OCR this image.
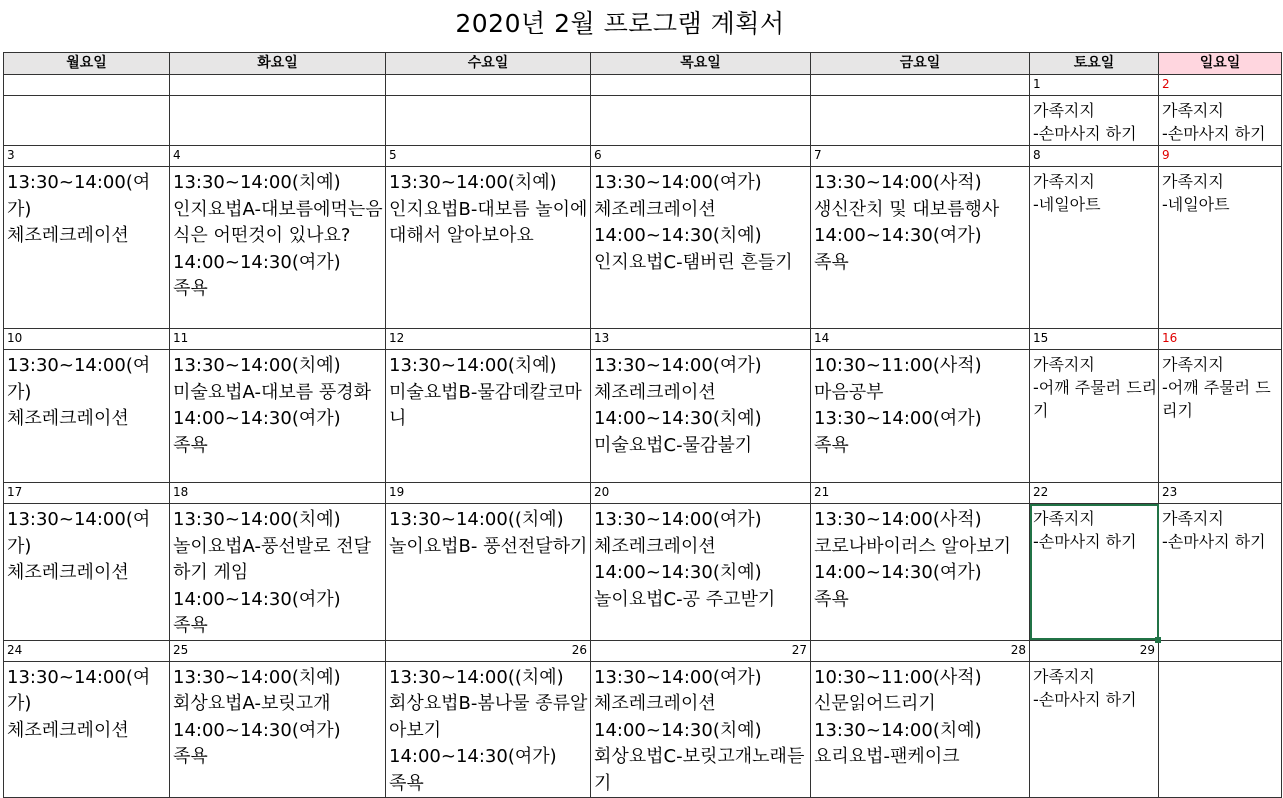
2020년 2월 프로그램 계획서
월요일	화요일	수요일	목요일	금요일	토요일	일요일
					1	2

					가족지지
-손마사지 하기	가족지지
-손마사지 하기

3	4	5	6	7	8	9

13:30~14:00(여가)
체조레크레이션	13:30~14:00(치예)
인지요법A-대보름에먹는음식은 어떤것이 있나요?
14:00~14:30(여가)
족욕	13:30~14:00(치예)
인지요법B-대보름 놀이에 대해서 알아보아요	13:30~14:00(여가)
체조레크레이션
14:00~14:30(치예)
인지요법C-탬버린 흔들기	13:30~14:00(사적)
생신잔치 및 대보름행사
14:00~14:30(여가)
족욕	가족지지
-네일아트	가족지지
-네일아트

10	11	12	13	14	15	16

13:30~14:00(여가)
체조레크레이션	13:30~14:00(치예)
미술요법A-대보름 풍경화
14:00~14:30(여가)
족욕	13:30~14:00(치예)
미술요법B-물감데칼코마니	13:30~14:00(여가)
체조레크레이션
14:00~14:30(치예)
미술요법C-물감불기	10:30~11:00(사적)
마음공부
13:30~14:00(여가)
족욕	가족지지
-어깨 주물러 드리기	가족지지
-어깨 주물러 드리기

17	18	19	20	21	22	23

13:30~14:00(여가)
체조레크레이션	13:30~14:00(치예)
놀이요법A-풍선발로 전달하기 게임
14:00~14:30(여가)
족욕	13:30~14:00((치예)
놀이요법B- 풍선전달하기	13:30~14:00(여가)
체조레크레이션
14:00~14:30(치예)
놀이요법C-공 주고받기	13:30~14:00(사적)
코로나바이러스 알아보기
14:00~14:30(여가)
족욕	가족지지
-손마사지 하기	가족지지
-손마사지 하기

24	25	26	27	28	29	

13:30~14:00(여가)
체조레크레이션	13:30~14:00(치예)
회상요법A-보릿고개
14:00~14:30(여가)
족욕	13:30~14:00((치예)
회상요법B-봄나물 종류알아보기
14:00~14:30(여가)
족욕	13:30~14:00(여가)
체조레크레이션
14:00~14:30(치예)
회상요법C-보릿고개노래듣기	10:30~11:00(사적)
신문읽어드리기
13:30~14:00(치예)
요리요법-팬케이크	가족지지
-손마사지 하기	
